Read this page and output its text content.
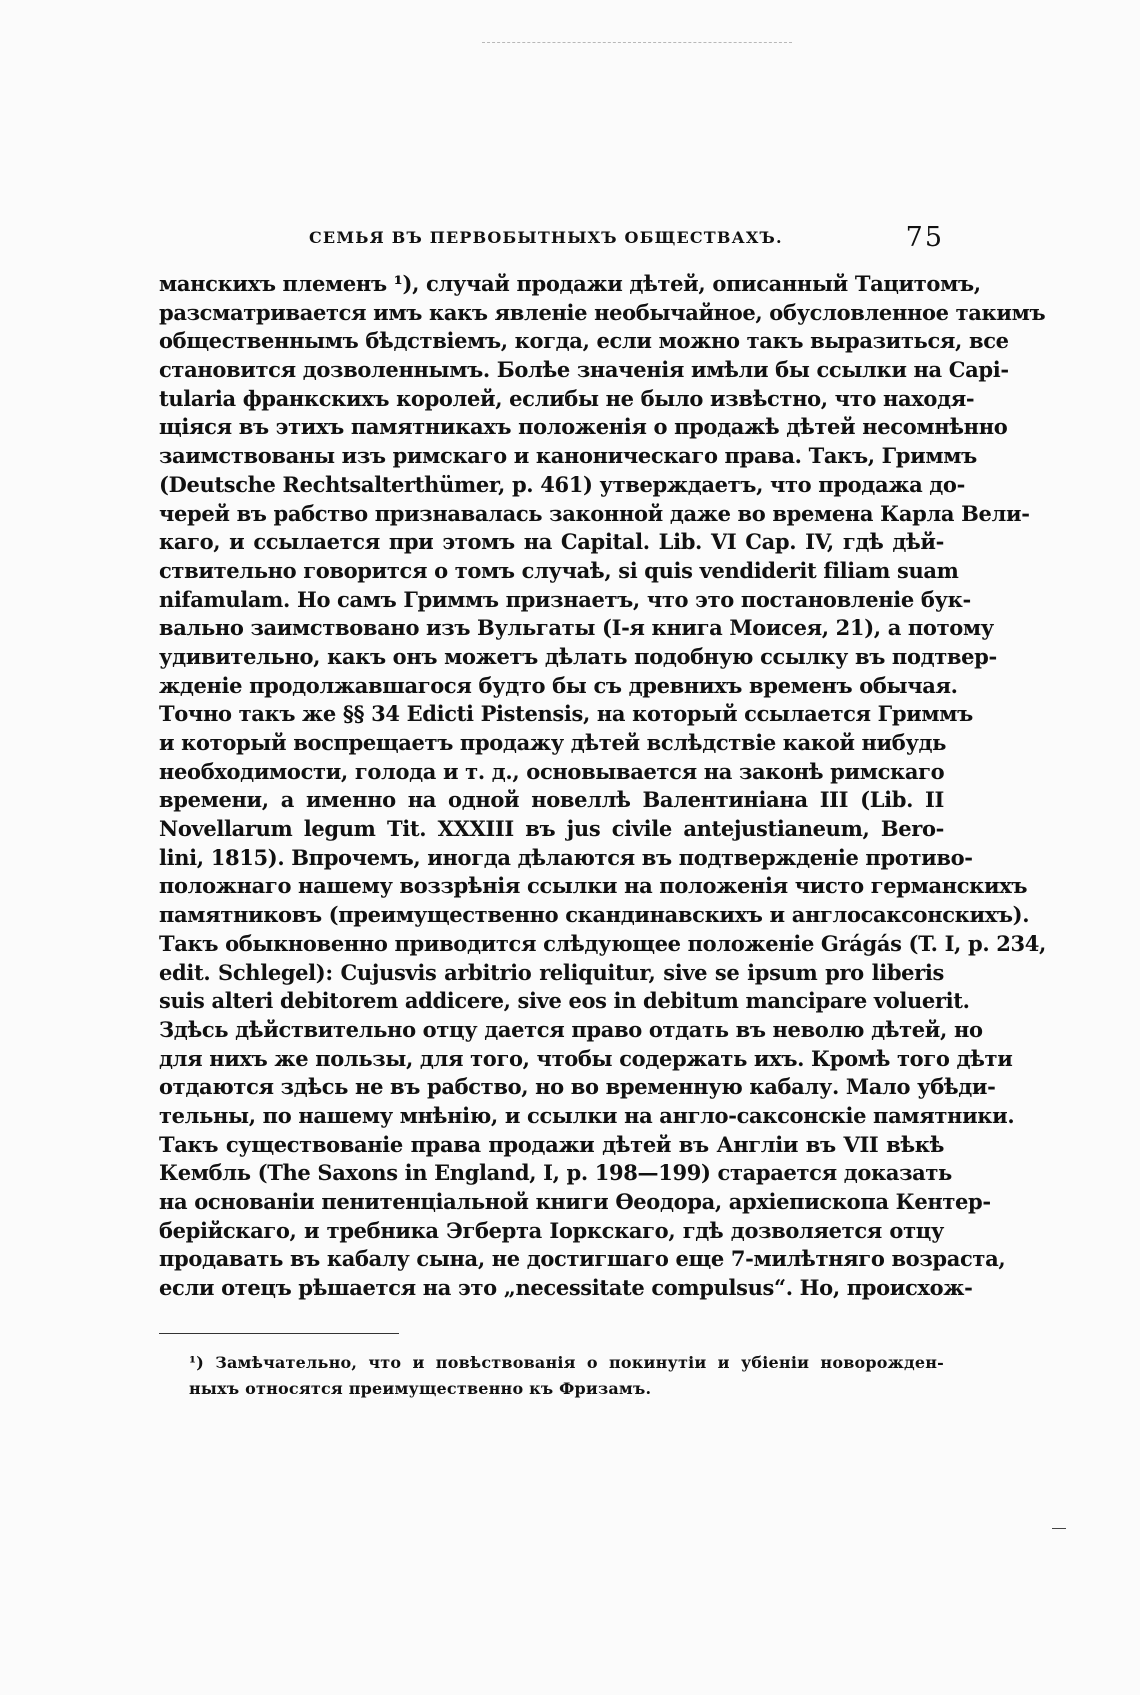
СЕМЬЯ ВЪ ПЕРВОБЫТНЫХЪ ОБЩЕСТВАХЪ.	75
манскихъ племенъ ¹), случай продажи дѣтей, описанный Тацитомъ,
разсматривается имъ какъ явленіе необычайное, обусловленное такимъ
общественнымъ бѣдствіемъ, когда, если можно такъ выразиться, все
становится дозволеннымъ. Болѣе значенія имѣли бы ссылки на Capi-
tularia франкскихъ королей, еслибы не было извѣстно, что находя-
щіяся въ этихъ памятникахъ положенія о продажѣ дѣтей несомнѣнно
заимствованы изъ римскаго и каноническаго права. Такъ, Гриммъ
(Deutsche Rechtsalterthümer, p. 461) утверждаетъ, что продажа до-
черей въ рабство признавалась законной даже во времена Карла Вели-
каго, и ссылается при этомъ на Capital. Lib. VI Cap. IV, гдѣ дѣй-
ствительно говорится о томъ случаѣ, si quis vendiderit filiam suam
nifamulam. Но самъ Гриммъ признаетъ, что это постановленіе бук-
вально заимствовано изъ Вульгаты (I-я книга Моисея, 21), а потому
удивительно, какъ онъ можетъ дѣлать подобную ссылку въ подтвер-
жденіе продолжавшагося будто бы съ древнихъ временъ обычая.
Точно такъ же §§ 34 Edicti Pistensis, на который ссылается Гриммъ
и который воспрещаетъ продажу дѣтей вслѣдствіе какой нибудь
необходимости, голода и т. д., основывается на законѣ римскаго
времени, а именно на одной новеллѣ Валентиніана III (Lib. II
Novellarum legum Tit. XXXIII въ jus civile antejustianeum, Bero-
lini, 1815). Впрочемъ, иногда дѣлаются въ подтвержденіе противо-
положнаго нашему воззрѣнія ссылки на положенія чисто германскихъ
памятниковъ (преимущественно скандинавскихъ и англосаксонскихъ).
Такъ обыкновенно приводится слѣдующее положеніе Grágás (T. I, p. 234,
edit. Schlegel): Cujusvis arbitrio reliquitur, sive se ipsum pro liberis
suis alteri debitorem addicere, sive eos in debitum mancipare voluerit.
Здѣсь дѣйствительно отцу дается право отдать въ неволю дѣтей, но
для нихъ же пользы, для того, чтобы содержать ихъ. Кромѣ того дѣти
отдаются здѣсь не въ рабство, но во временную кабалу. Мало убѣди-
тельны, по нашему мнѣнію, и ссылки на англо-саксонскіе памятники.
Такъ существованіе права продажи дѣтей въ Англіи въ VII вѣкѣ
Кембль (The Saxons in England, I, p. 198—199) старается доказать
на основаніи пенитенціальной книги Ѳеодора, архіепископа Кентер-
берійскаго, и требника Эгберта Іоркскаго, гдѣ дозволяется отцу
продавать въ кабалу сына, не достигшаго еще 7-милѣтняго возраста,
если отецъ рѣшается на это „necessitate compulsus“. Но, происхож-
¹) Замѣчательно, что и повѣствованія о покинутіи и убіеніи новорожден-
ныхъ относятся преимущественно къ Фризамъ.
